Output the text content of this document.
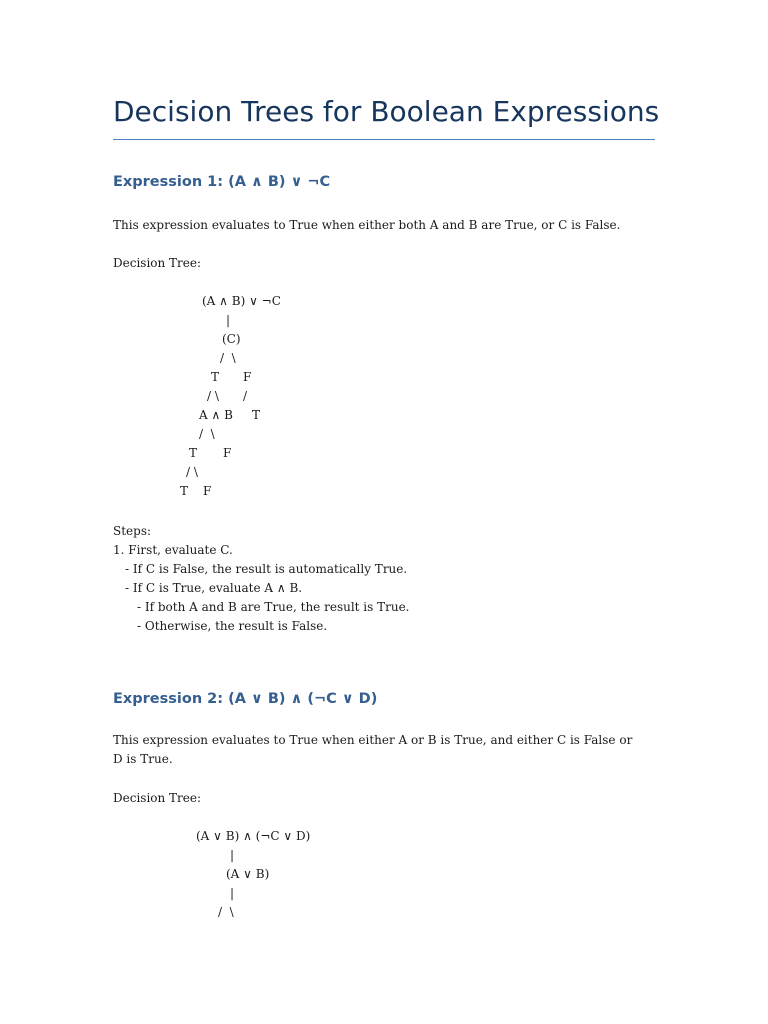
Decision Trees for Boolean Expressions
Expression 1: (A ∧ B) ∨ ¬C

This expression evaluates to True when either both A and B are True, or C is False.

Decision Tree:

(A ∧ B) ∨ ¬C
|
(C)
/  \
T F
/ \ /
A ∧ B T
/  \
T F
/ \
T F

Steps:

1. First, evaluate C.
- If C is False, the result is automatically True.
- If C is True, evaluate A ∧ B.
- If both A and B are True, the result is True.
- Otherwise, the result is False.
Expression 2: (A ∨ B) ∧ (¬C ∨ D)

This expression evaluates to True when either A or B is True, and either C is False or D is True.

Decision Tree:

(A ∨ B) ∧ (¬C ∨ D)
|
(A ∨ B)
|
/  \
